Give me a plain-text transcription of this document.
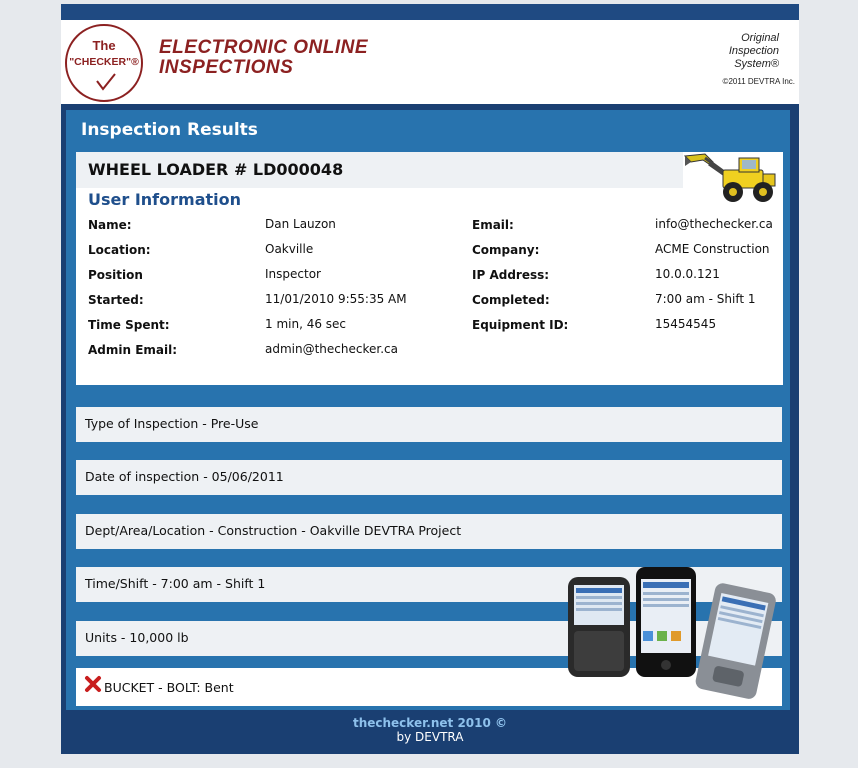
The
"CHECKER"®
ELECTRONIC ONLINE
INSPECTIONS
Original
Inspection
System®
©2011 DEVTRA Inc.
Inspection Results
WHEEL LOADER # LD000048
User Information
Name:	Dan Lauzon	Email:	info@thechecker.ca
Location:	Oakville	Company:	ACME Construction
Position	Inspector	IP Address:	10.0.0.121
Started:	11/01/2010 9:55:35 AM	Completed:	7:00 am - Shift 1
Time Spent:	1 min, 46 sec	Equipment ID:	15454545
Admin Email:	admin@thechecker.ca
Type of Inspection - Pre-Use
Date of inspection - 05/06/2011
Dept/Area/Location - Construction - Oakville DEVTRA Project
Time/Shift - 7:00 am - Shift 1
Units - 10,000 lb
BUCKET - BOLT: Bent
thechecker.net 2010 ©
by DEVTRA
